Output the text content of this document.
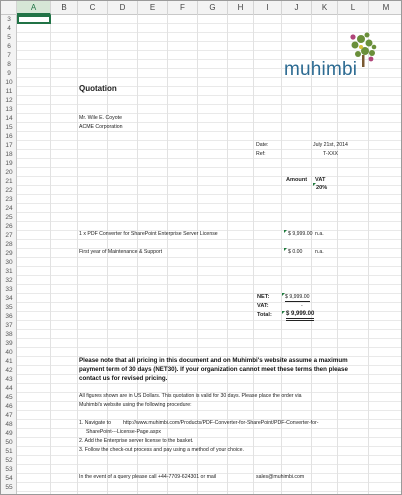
A	B	C	D	E	F	G	H	I	J	K	L	M
3
4
5
6
7
8
9
10
11
12
13
14
15
16
17
18
19
20
21
22
23
24
25
26
27
28
29
30
31
32
33
34
35
36
37
38
39
40
41
42
43
44
45
46
47
48
49
50
51
52
53
54
55
muhimbi
Quotation
Mr. Wile E. Coyote
ACME Corporation
Date:	July 21st, 2014
Ref:	T-XXX
Amount VAT
20%
1 x PDF Converter for SharePoint Enterprise Server License	$ 9,999.00 n.a.
First year of Maintenance & Support	$ 0.00 n.a.
NET:	$ 9,999.00
VAT:	-
Total: $ 9,999.00
Please note that all pricing in this document and on Muhimbi's website assume a maximum
payment term of 30 days (NET30). If your organization cannot meet these terms then please
contact us for revised pricing.
All figures shown are in US Dollars. This quotation is valid for 30 days. Please place the order via
Muhimbi's website using the following procedure:
1. Navigate to http://www.muhimbi.com/Products/PDF-Converter-for-SharePoint/PDF-Converter-for-
SharePoint---License-Page.aspx
2. Add the Enterprise server license to the basket.
3. Follow the check-out process and pay using a method of your choice.
In the event of a query please call +44-7709-624301 or mail	sales@muhimbi.com
